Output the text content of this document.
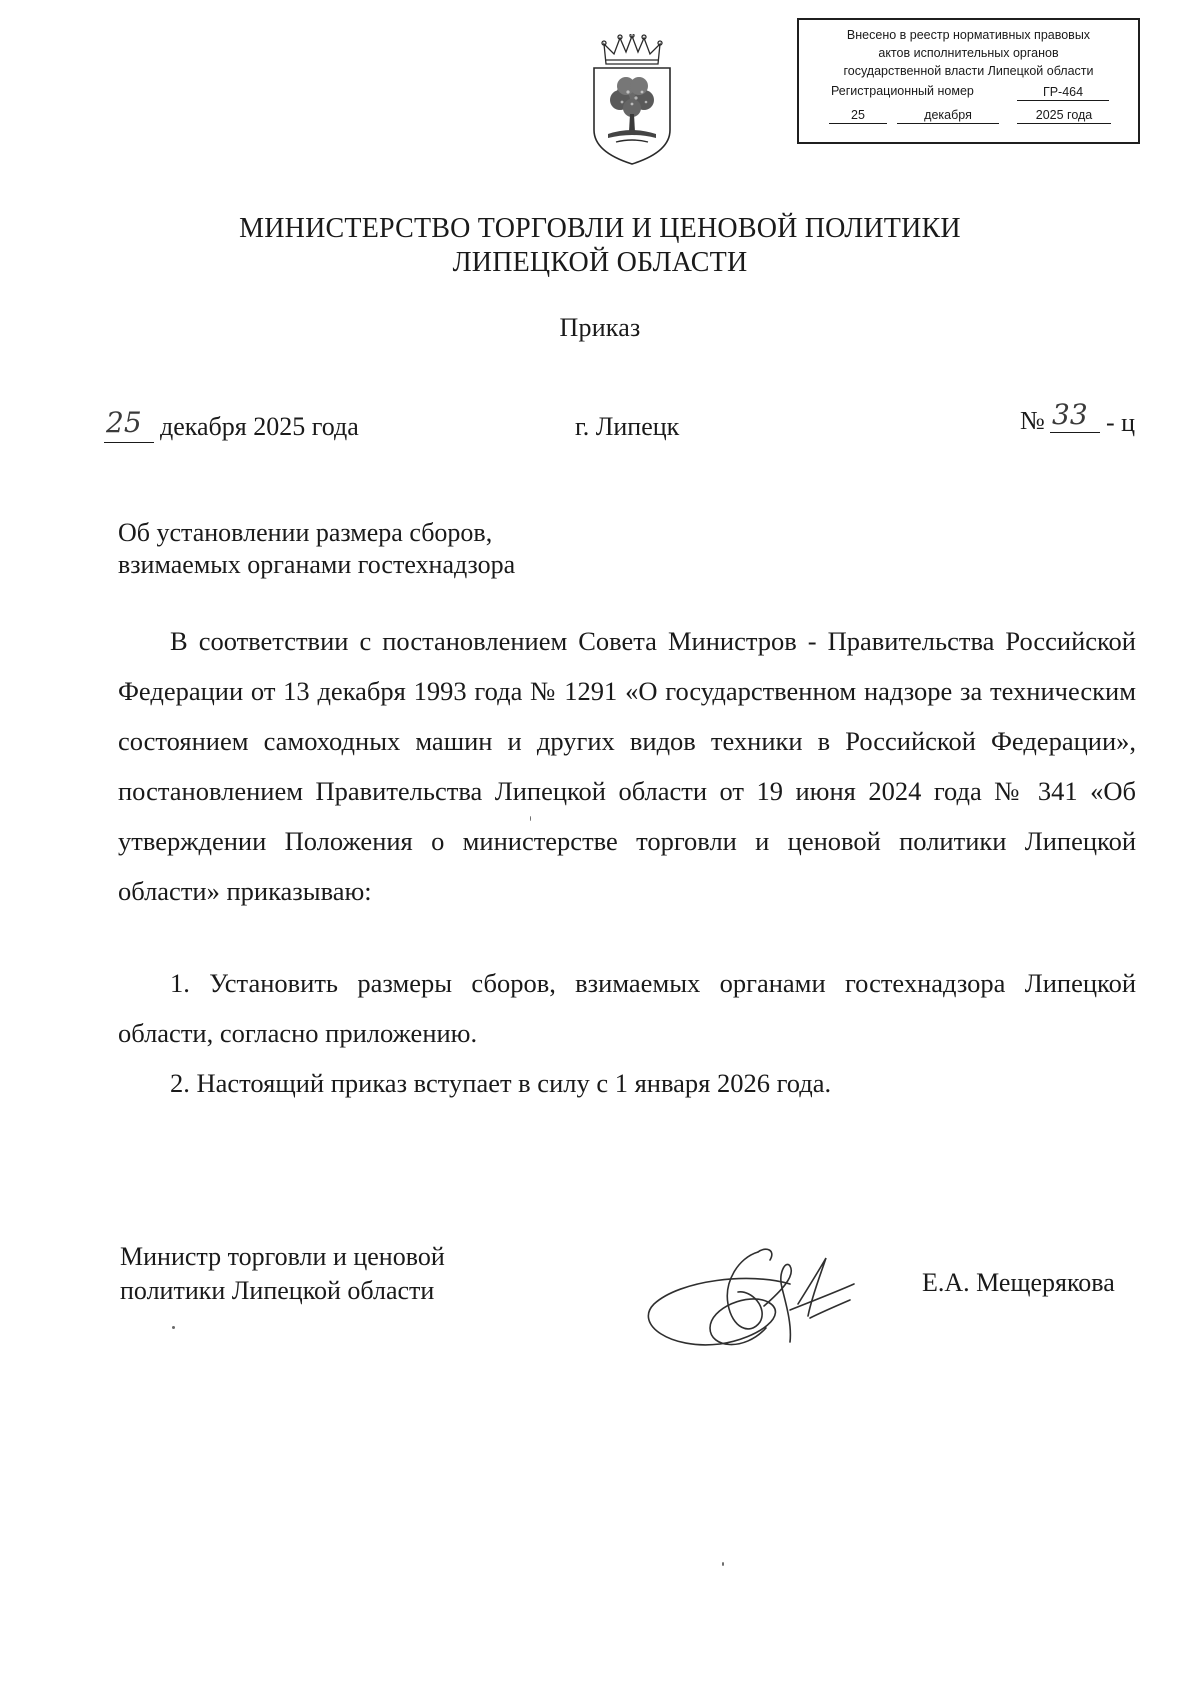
Внесено в реестр нормативных правовых
актов исполнительных органов
государственной власти Липецкой области
Регистрационный номер	ГР-464
25	декабря	2025 года
МИНИСТЕРСТВО ТОРГОВЛИ И ЦЕНОВОЙ ПОЛИТИКИ
ЛИПЕЦКОЙ ОБЛАСТИ
Приказ
25 декабря 2025 года	г. Липецк	№ 33 - ц
Об установлении размера сборов,
взимаемых органами гостехнадзора
В соответствии с постановлением Совета Министров - Правительства Российской Федерации от 13 декабря 1993 года № 1291 «О государственном надзоре за техническим состоянием самоходных машин и других видов техники в Российской Федерации», постановлением Правительства Липецкой области от 19 июня 2024 года № 341 «Об утверждении Положения о министерстве торговли и ценовой политики Липецкой области» приказываю:
1. Установить размеры сборов, взимаемых органами гостехнадзора Липецкой области, согласно приложению.
2. Настоящий приказ вступает в силу с 1 января 2026 года.
Министр торговли и ценовой
политики Липецкой области	Е.А. Мещерякова
